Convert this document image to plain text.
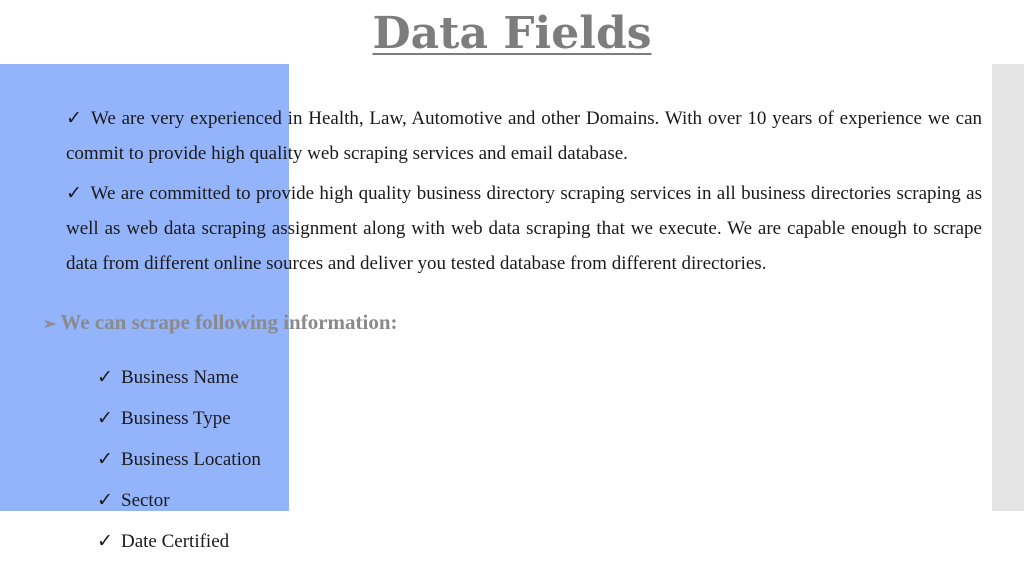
Data Fields

✓ We are very experienced in Health, Law, Automotive and other Domains. With over 10 years of experience we can commit to provide high quality web scraping services and email database.

✓ We are committed to provide high quality business directory scraping services in all business directories scraping as well as web data scraping assignment along with web data scraping that we execute. We are capable enough to scrape data from different online sources and deliver you tested database from different directories.

➢ We can scrape following information:

✓ Business Name
✓ Business Type
✓ Business Location
✓ Sector
✓ Date Certified
